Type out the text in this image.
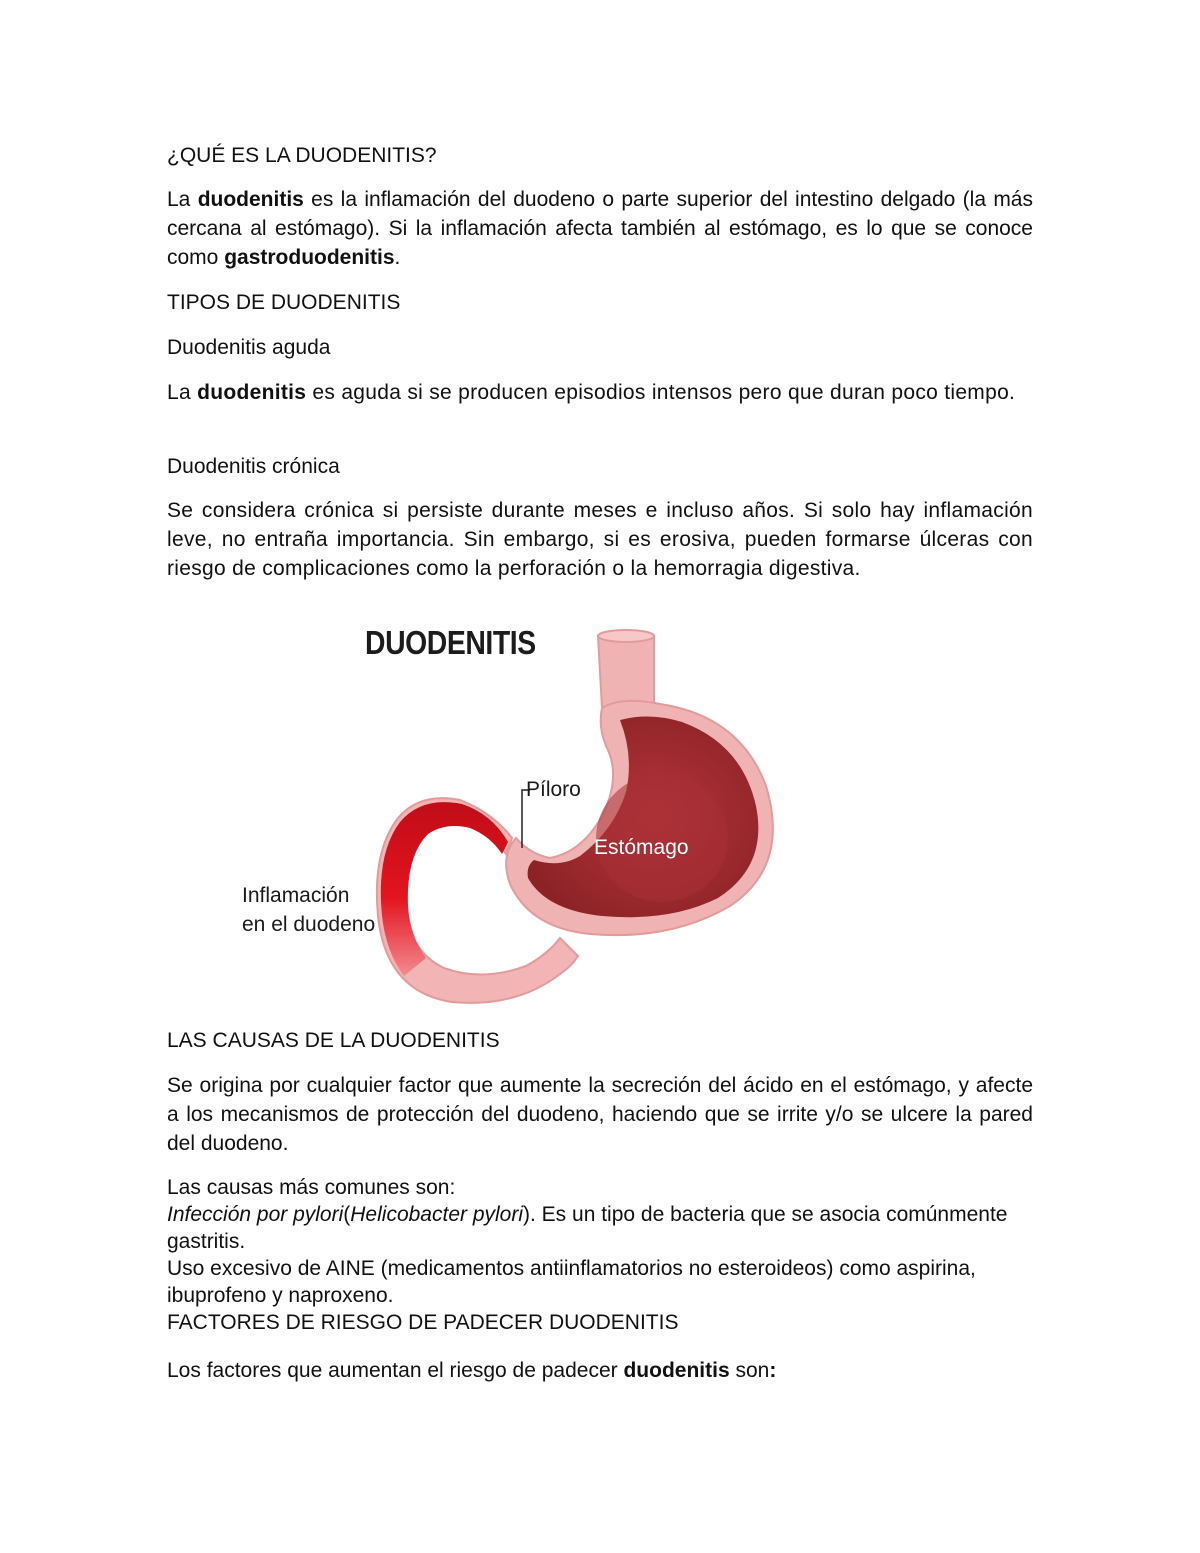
¿QUÉ ES LA DUODENITIS?

La duodenitis es la inflamación del duodeno o parte superior del intestino delgado (la más cercana al estómago). Si la inflamación afecta también al estómago, es lo que se conoce como gastroduodenitis.

TIPOS DE DUODENITIS

Duodenitis aguda

La duodenitis es aguda si se producen episodios intensos pero que duran poco tiempo.

Duodenitis crónica

Se considera crónica si persiste durante meses e incluso años. Si solo hay inflamación leve, no entraña importancia. Sin embargo, si es erosiva, pueden formarse úlceras con riesgo de complicaciones como la perforación o la hemorragia digestiva.

DUODENITIS
Píloro
Estómago
Inflamación
en el duodeno

LAS CAUSAS DE LA DUODENITIS

Se origina por cualquier factor que aumente la secreción del ácido en el estómago, y afecte a los mecanismos de protección del duodeno, haciendo que se irrite y/o se ulcere la pared del duodeno.

Las causas más comunes son:
Infección por pylori(Helicobacter pylori). Es un tipo de bacteria que se asocia comúnmente gastritis.
Uso excesivo de AINE (medicamentos antiinflamatorios no esteroideos) como aspirina, ibuprofeno y naproxeno.
FACTORES DE RIESGO DE PADECER DUODENITIS

Los factores que aumentan el riesgo de padecer duodenitis son:
